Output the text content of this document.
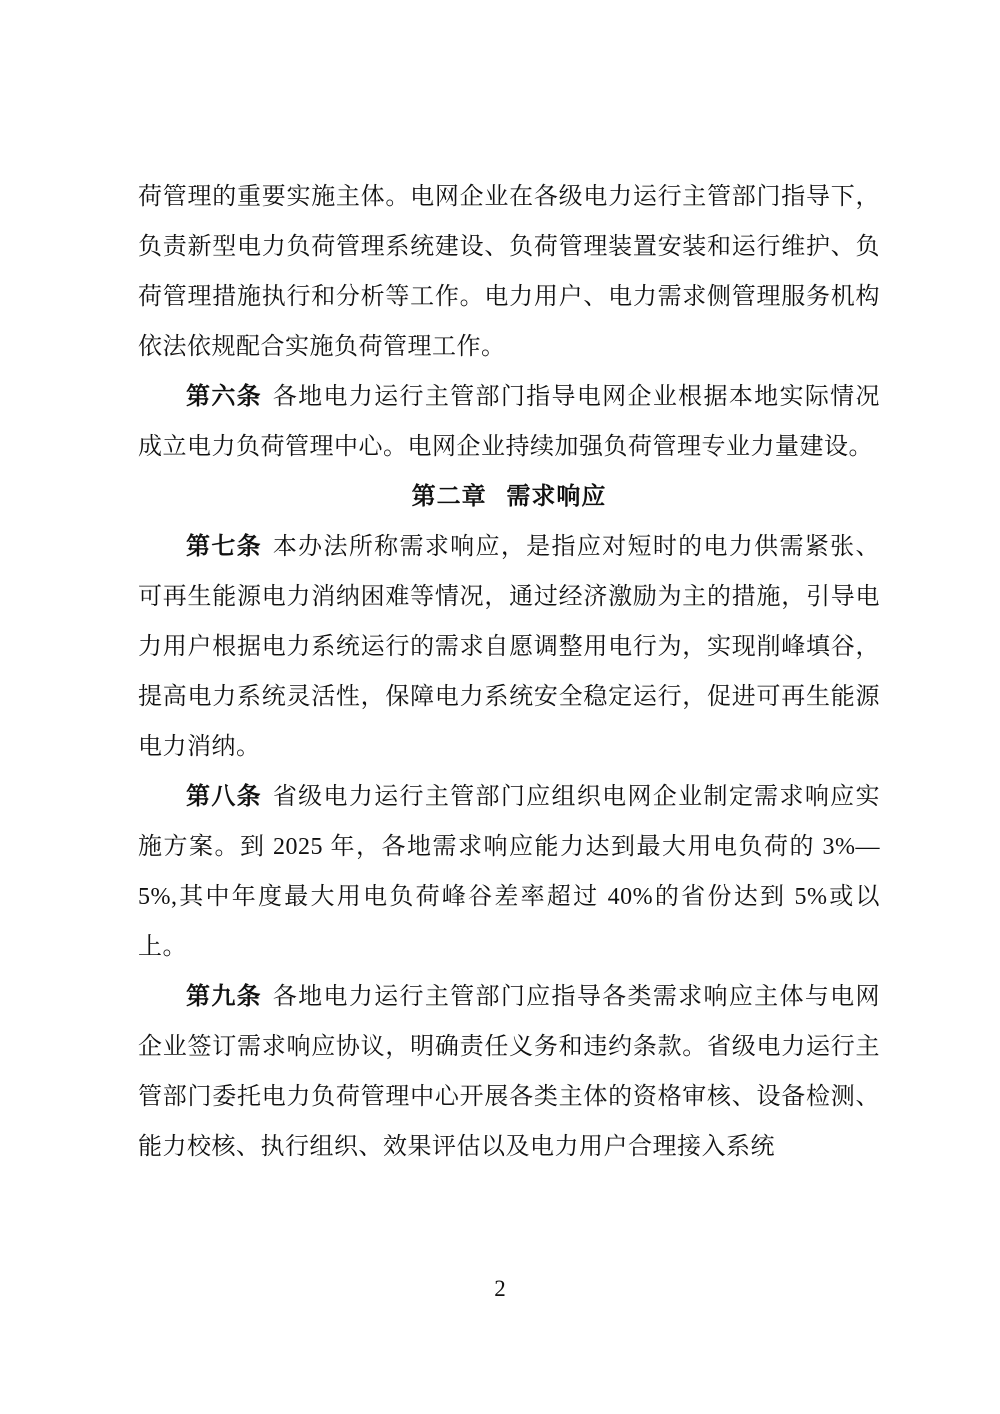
荷管理的重要实施主体。电网企业在各级电力运行主管部门指导下，负责新型电力负荷管理系统建设、负荷管理装置安装和运行维护、负荷管理措施执行和分析等工作。电力用户、电力需求侧管理服务机构依法依规配合实施负荷管理工作。

第六条 各地电力运行主管部门指导电网企业根据本地实际情况成立电力负荷管理中心。电网企业持续加强负荷管理专业力量建设。

第二章 需求响应

第七条 本办法所称需求响应，是指应对短时的电力供需紧张、可再生能源电力消纳困难等情况，通过经济激励为主的措施，引导电力用户根据电力系统运行的需求自愿调整用电行为，实现削峰填谷，提高电力系统灵活性，保障电力系统安全稳定运行，促进可再生能源电力消纳。

第八条 省级电力运行主管部门应组织电网企业制定需求响应实施方案。到 2025 年，各地需求响应能力达到最大用电负荷的 3%—5%,其中年度最大用电负荷峰谷差率超过 40%的省份达到 5%或以上。

第九条 各地电力运行主管部门应指导各类需求响应主体与电网企业签订需求响应协议，明确责任义务和违约条款。省级电力运行主管部门委托电力负荷管理中心开展各类主体的资格审核、设备检测、能力校核、执行组织、效果评估以及电力用户合理接入系统

2
